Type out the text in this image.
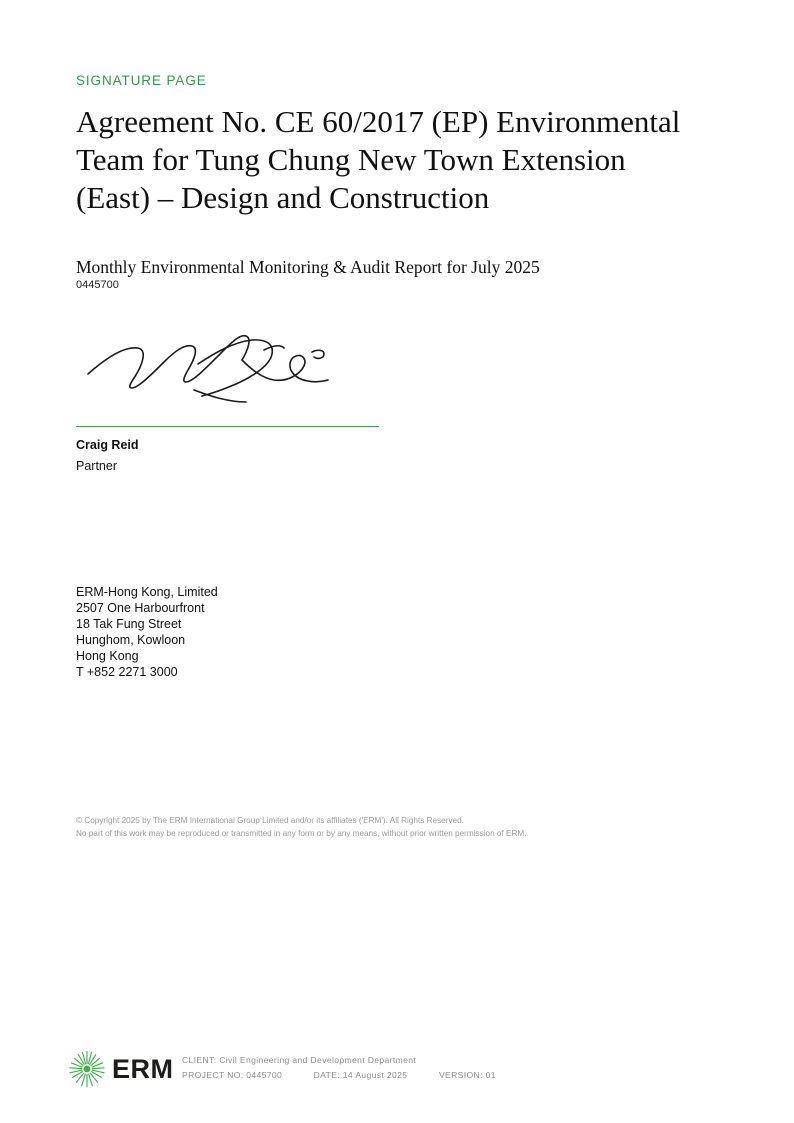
SIGNATURE PAGE
Agreement No. CE 60/2017 (EP) Environmental Team for Tung Chung New Town Extension (East) – Design and Construction
Monthly Environmental Monitoring & Audit Report for July 2025
0445700
Craig Reid
Partner
ERM-Hong Kong, Limited
2507 One Harbourfront
18 Tak Fung Street
Hunghom, Kowloon
Hong Kong
T +852 2271 3000
© Copyright 2025 by The ERM International Group Limited and/or its affiliates ('ERM'). All Rights Reserved.
No part of this work may be reproduced or transmitted in any form or by any means, without prior written permission of ERM.
ERM CLIENT: Civil Engineering and Development Department
PROJECT NO: 0445700	DATE: 14 August 2025	VERSION: 01
